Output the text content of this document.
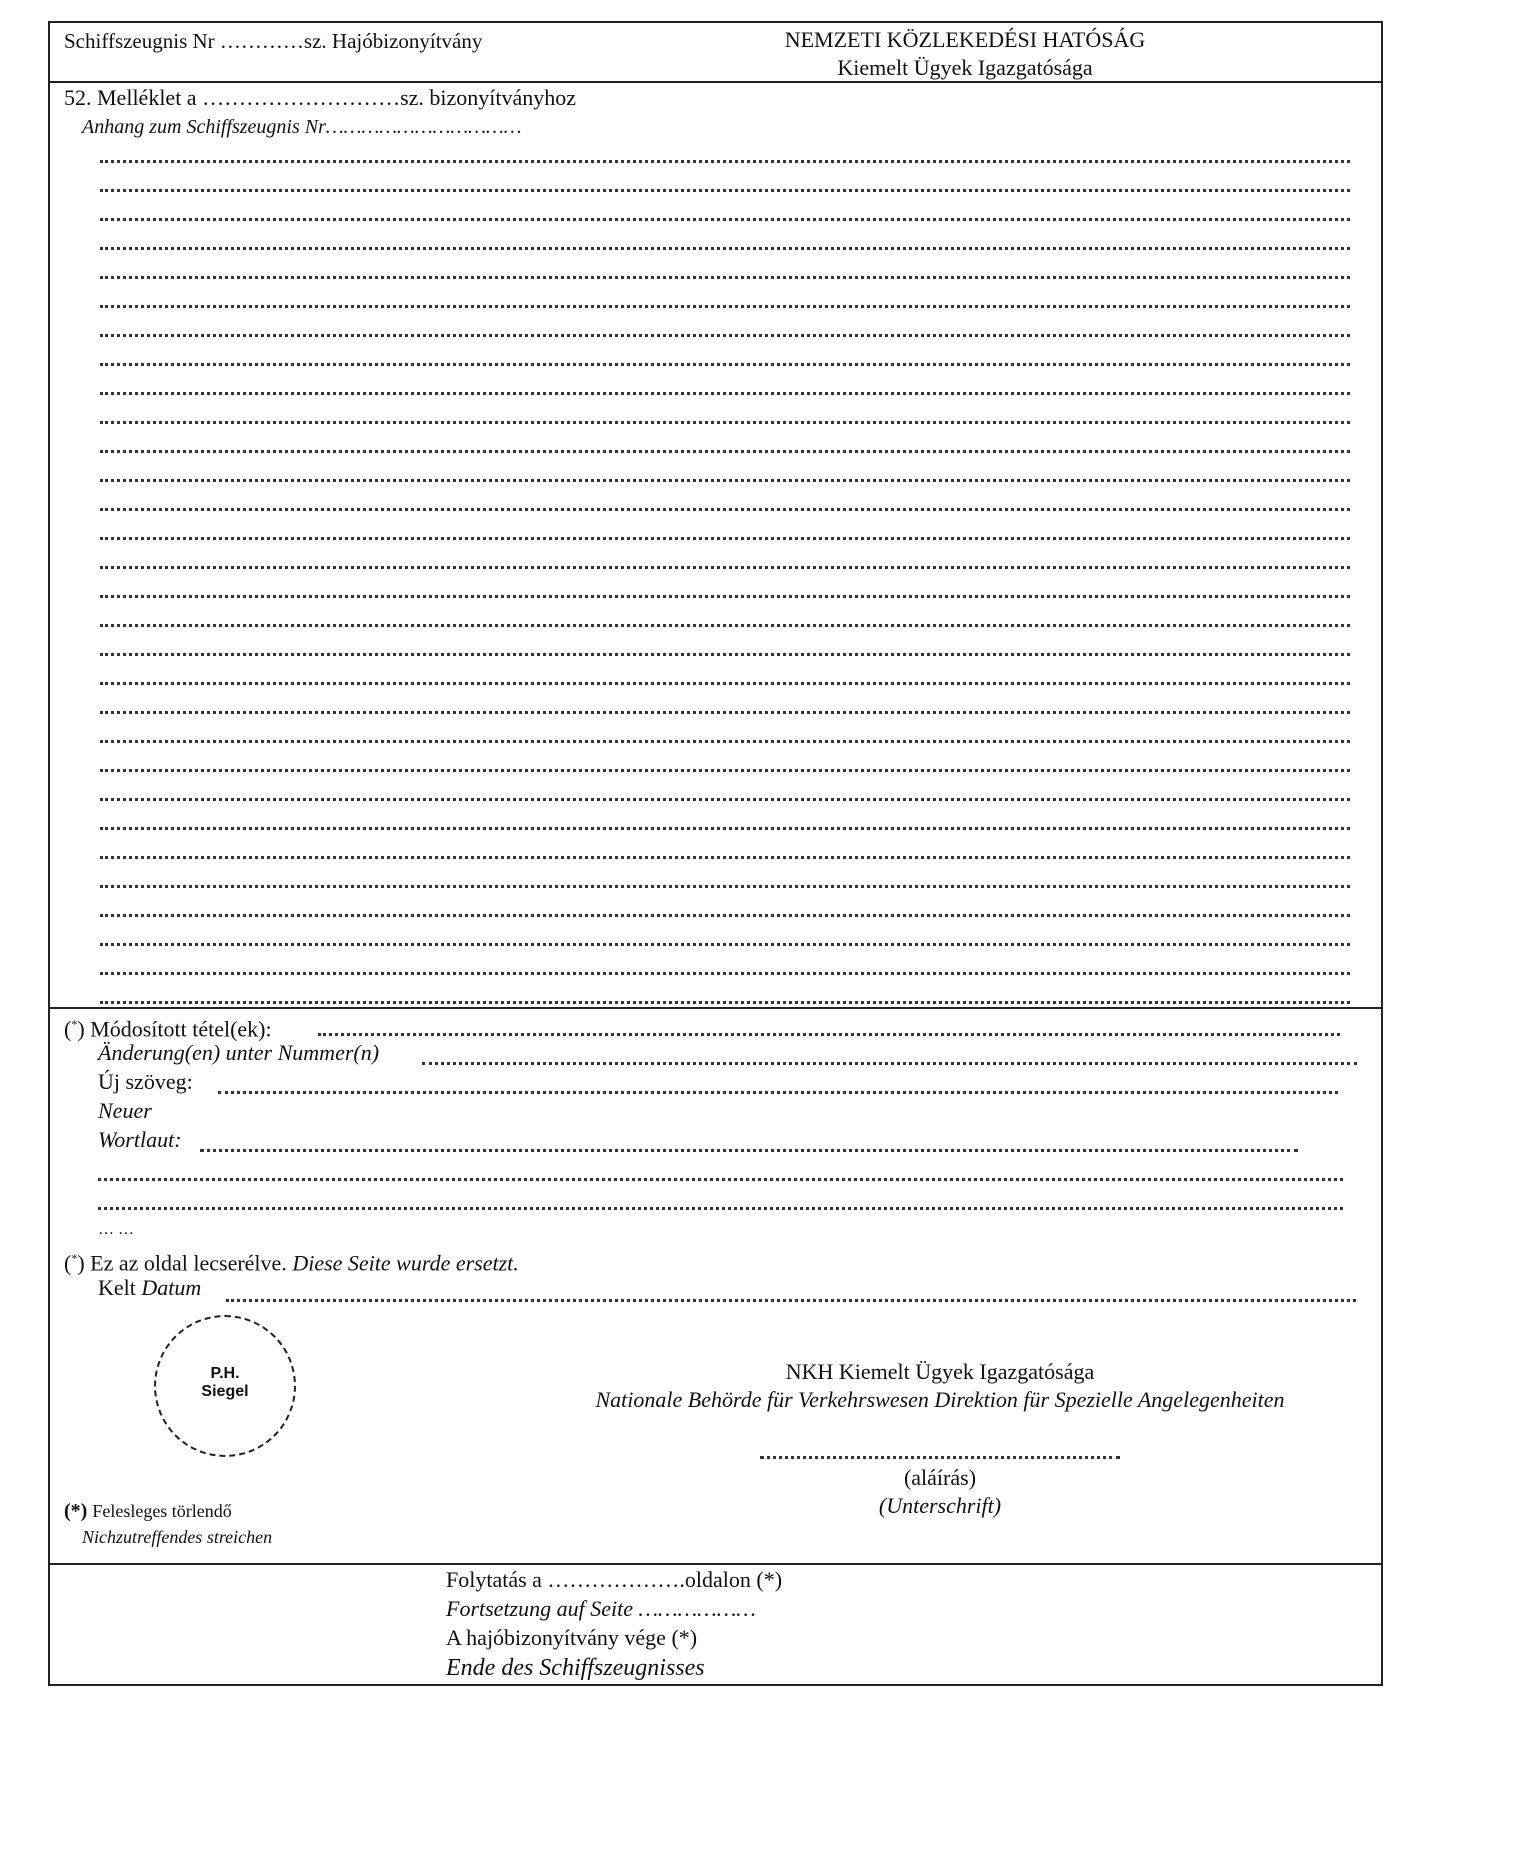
Schiffszeugnis Nr …………sz. Hajóbizonyítvány	NEMZETI KÖZLEKEDÉSI HATÓSÁG
Kiemelt Ügyek Igazgatósága
52. Melléklet a ………………………sz. bizonyítványhoz
Anhang zum Schiffszeugnis Nr……………………………
(*) Módosított tétel(ek):
Änderung(en) unter Nummer(n)
Új szöveg:
Neuer
Wortlaut:
… …
(*) Ez az oldal lecserélve. Diese Seite wurde ersetzt.
Kelt Datum
NKH Kiemelt Ügyek Igazgatósága
Nationale Behörde für Verkehrswesen Direktion für Spezielle Angelegenheiten
(aláírás)
(Unterschrift)
(*) Felesleges törlendő
Nichzutreffendes streichen
Folytatás a ……………….oldalon (*)
Fortsetzung auf Seite ………………
A hajóbizonyítvány vége (*)
Ende des Schiffszeugnisses
P.H.
Siegel
